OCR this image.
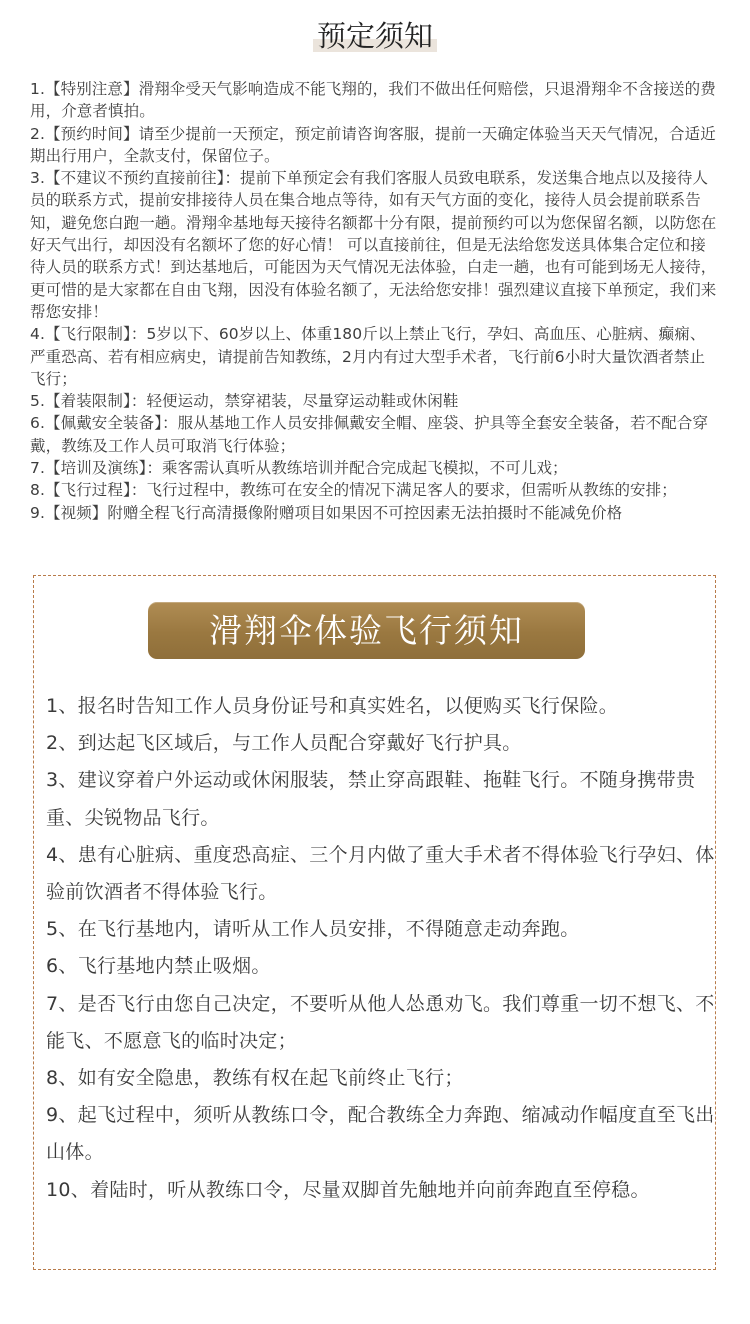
预定须知
1.【特别注意】滑翔伞受天气影响造成不能飞翔的，我们不做出任何赔偿，只退滑翔伞不含接送的费用，介意者慎拍。
2.【预约时间】请至少提前一天预定，预定前请咨询客服，提前一天确定体验当天天气情况，合适近期出行用户，全款支付，保留位子。
3.【不建议不预约直接前往】：提前下单预定会有我们客服人员致电联系，发送集合地点以及接待人员的联系方式，提前安排接待人员在集合地点等待，如有天气方面的变化，接待人员会提前联系告知，避免您白跑一趟。滑翔伞基地每天接待名额都十分有限，提前预约可以为您保留名额，以防您在好天气出行，却因没有名额坏了您的好心情！ 可以直接前往，但是无法给您发送具体集合定位和接待人员的联系方式！到达基地后，可能因为天气情况无法体验，白走一趟，也有可能到场无人接待，更可惜的是大家都在自由飞翔，因没有体验名额了，无法给您安排！强烈建议直接下单预定，我们来帮您安排！
4.【飞行限制】：5岁以下、60岁以上、体重180斤以上禁止飞行，孕妇、高血压、心脏病、癫痫、严重恐高、若有相应病史，请提前告知教练，2月内有过大型手术者，飞行前6小时大量饮酒者禁止飞行；
5.【着装限制】：轻便运动，禁穿裙装，尽量穿运动鞋或休闲鞋
6.【佩戴安全装备】：服从基地工作人员安排佩戴安全帽、座袋、护具等全套安全装备，若不配合穿戴，教练及工作人员可取消飞行体验；
7.【培训及演练】：乘客需认真听从教练培训并配合完成起飞模拟，不可儿戏；
8.【飞行过程】：飞行过程中，教练可在安全的情况下满足客人的要求，但需听从教练的安排；
9.【视频】附赠全程飞行高清摄像附赠项目如果因不可控因素无法拍摄时不能减免价格
滑翔伞体验飞行须知
1、报名时告知工作人员身份证号和真实姓名，以便购买飞行保险。
2、到达起飞区域后，与工作人员配合穿戴好飞行护具。
3、建议穿着户外运动或休闲服装，禁止穿高跟鞋、拖鞋飞行。不随身携带贵重、尖锐物品飞行。
4、患有心脏病、重度恐高症、三个月内做了重大手术者不得体验飞行孕妇、体验前饮酒者不得体验飞行。
5、在飞行基地内，请听从工作人员安排，不得随意走动奔跑。
6、飞行基地内禁止吸烟。
7、是否飞行由您自己决定，不要听从他人怂恿劝飞。我们尊重一切不想飞、不能飞、不愿意飞的临时决定；
8、如有安全隐患，教练有权在起飞前终止飞行；
9、起飞过程中，须听从教练口令，配合教练全力奔跑、缩减动作幅度直至飞出山体。
10、着陆时，听从教练口令，尽量双脚首先触地并向前奔跑直至停稳。
